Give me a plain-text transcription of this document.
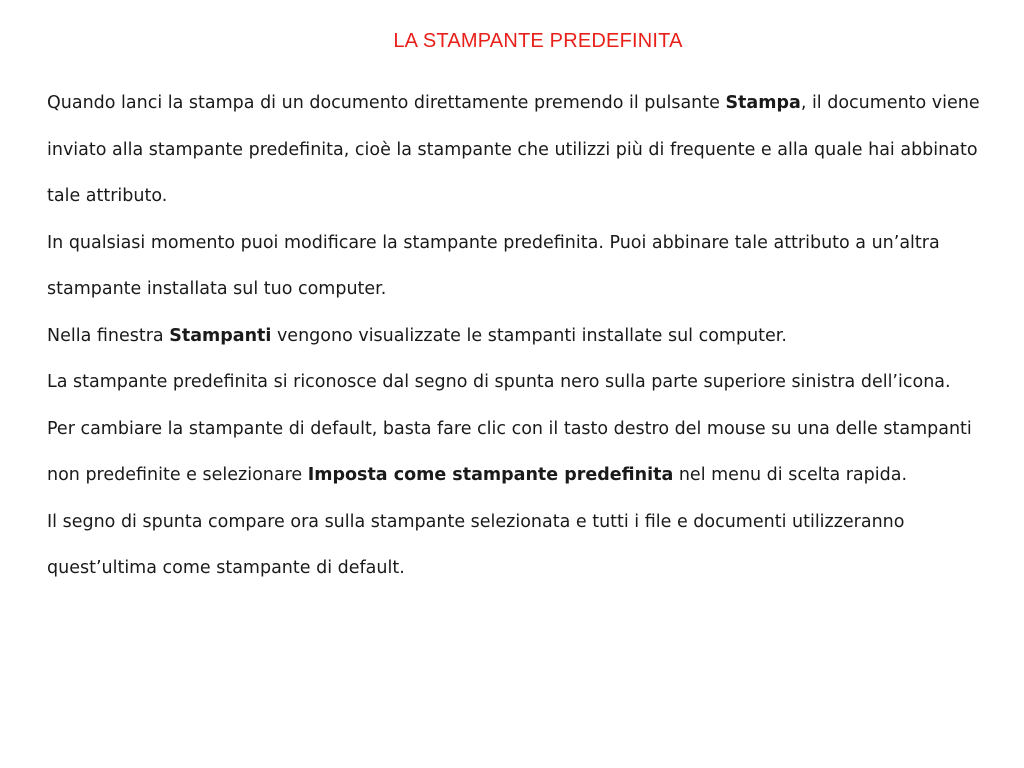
LA STAMPANTE PREDEFINITA

Quando lanci la stampa di un documento direttamente premendo il pulsante Stampa, il documento viene inviato alla stampante predefinita, cioè la stampante che utilizzi più di frequente e alla quale hai abbinato tale attributo.

In qualsiasi momento puoi modificare la stampante predefinita. Puoi abbinare tale attributo a un’altra stampante installata sul tuo computer.

Nella finestra Stampanti vengono visualizzate le stampanti installate sul computer.

La stampante predefinita si riconosce dal segno di spunta nero sulla parte superiore sinistra dell’icona. Per cambiare la stampante di default, basta fare clic con il tasto destro del mouse su una delle stampanti non predefinite e selezionare Imposta come stampante predefinita nel menu di scelta rapida.

Il segno di spunta compare ora sulla stampante selezionata e tutti i file e documenti utilizzeranno quest’ultima come stampante di default.
